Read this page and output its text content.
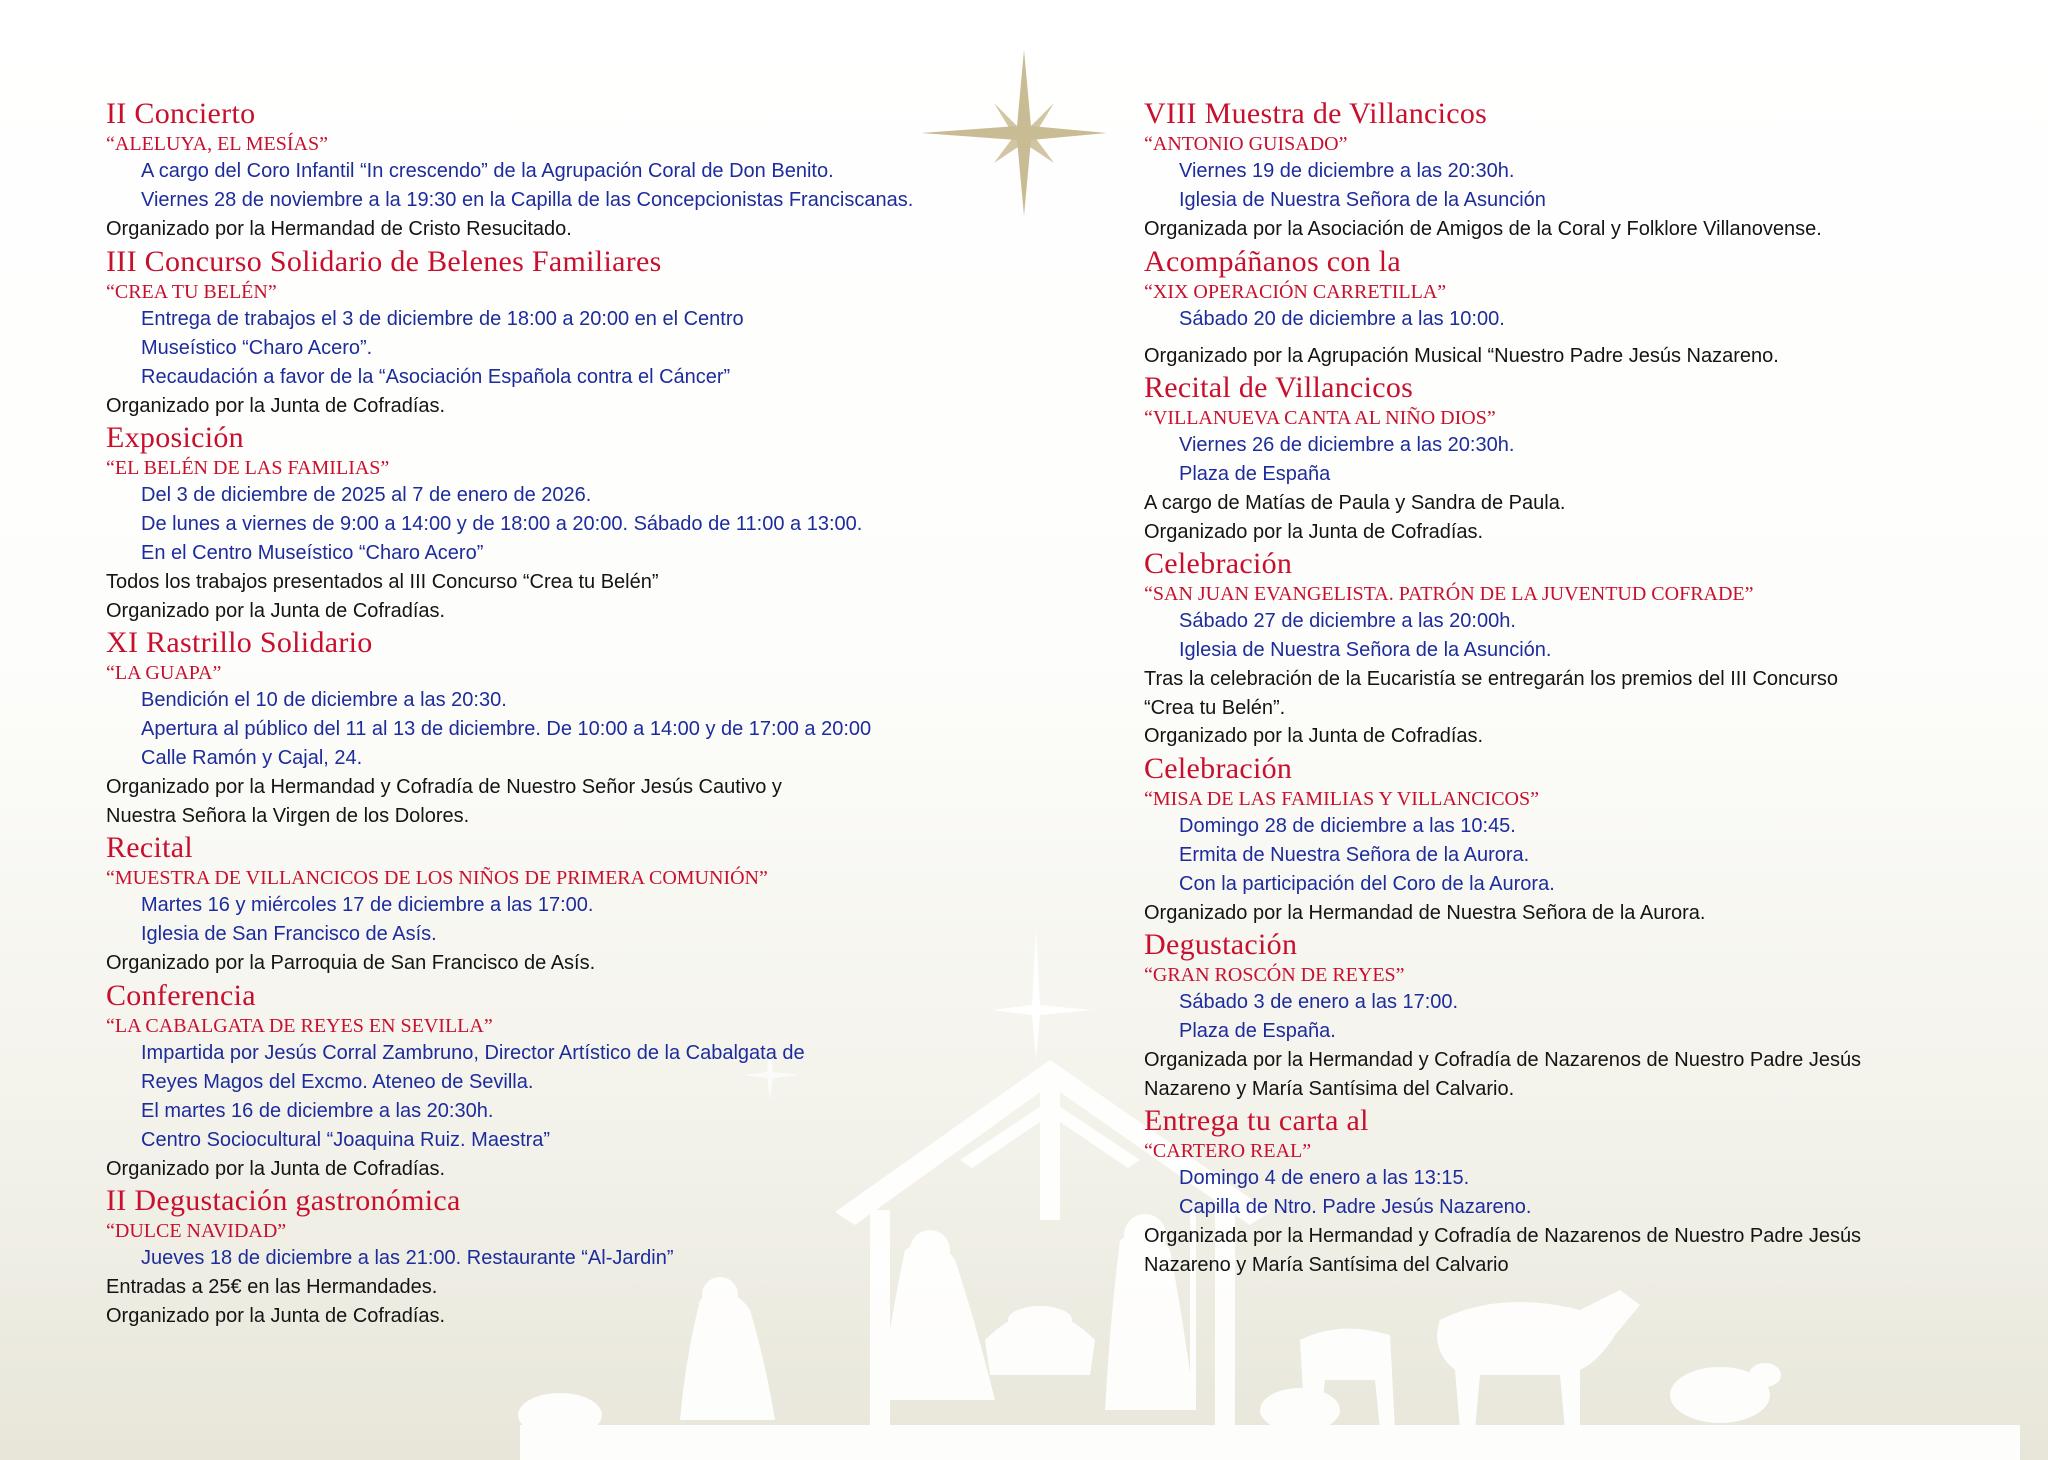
II Concierto
“ALELUYA, EL MESÍAS”
A cargo del Coro Infantil “In crescendo” de la Agrupación Coral de Don Benito.
Viernes 28 de noviembre a la 19:30 en la Capilla de las Concepcionistas Franciscanas.
Organizado por la Hermandad de Cristo Resucitado.
III Concurso Solidario de Belenes Familiares
“CREA TU BELÉN”
Entrega de trabajos el 3 de diciembre de 18:00 a 20:00 en el Centro
Museístico “Charo Acero”.
Recaudación a favor de la “Asociación Española contra el Cáncer”
Organizado por la Junta de Cofradías.
Exposición
“EL BELÉN DE LAS FAMILIAS”
Del 3 de diciembre de 2025 al 7 de enero de 2026.
De lunes a viernes de 9:00 a 14:00 y de 18:00 a 20:00. Sábado de 11:00 a 13:00.
En el Centro Museístico “Charo Acero”
Todos los trabajos presentados al III Concurso “Crea tu Belén”
Organizado por la Junta de Cofradías.
XI Rastrillo Solidario
“LA GUAPA”
Bendición el 10 de diciembre a las 20:30.
Apertura al público del 11 al 13 de diciembre. De 10:00 a 14:00 y de 17:00 a 20:00
Calle Ramón y Cajal, 24.
Organizado por la Hermandad y Cofradía de Nuestro Señor Jesús Cautivo y
Nuestra Señora la Virgen de los Dolores.
Recital
“MUESTRA DE VILLANCICOS DE LOS NIÑOS DE PRIMERA COMUNIÓN”
Martes 16 y miércoles 17 de diciembre a las 17:00.
Iglesia de San Francisco de Asís.
Organizado por la Parroquia de San Francisco de Asís.
Conferencia
“LA CABALGATA DE REYES EN SEVILLA”
Impartida por Jesús Corral Zambruno, Director Artístico de la Cabalgata de
Reyes Magos del Excmo. Ateneo de Sevilla.
El martes 16 de diciembre a las 20:30h.
Centro Sociocultural “Joaquina Ruiz. Maestra”
Organizado por la Junta de Cofradías.
II Degustación gastronómica
“DULCE NAVIDAD”
Jueves 18 de diciembre a las 21:00. Restaurante “Al-Jardin”
Entradas a 25€ en las Hermandades.
Organizado por la Junta de Cofradías.
VIII Muestra de Villancicos
“ANTONIO GUISADO”
Viernes 19 de diciembre a las 20:30h.
Iglesia de Nuestra Señora de la Asunción
Organizada por la Asociación de Amigos de la Coral y Folklore Villanovense.
Acompáñanos con la
“XIX OPERACIÓN CARRETILLA”
Sábado 20 de diciembre a las 10:00.
Organizado por la Agrupación Musical “Nuestro Padre Jesús Nazareno.
Recital de Villancicos
“VILLANUEVA CANTA AL NIÑO DIOS”
Viernes 26 de diciembre a las 20:30h.
Plaza de España
A cargo de Matías de Paula y Sandra de Paula.
Organizado por la Junta de Cofradías.
Celebración
“SAN JUAN EVANGELISTA. PATRÓN DE LA JUVENTUD COFRADE”
Sábado 27 de diciembre a las 20:00h.
Iglesia de Nuestra Señora de la Asunción.
Tras la celebración de la Eucaristía se entregarán los premios del III Concurso
“Crea tu Belén”.
Organizado por la Junta de Cofradías.
Celebración
“MISA DE LAS FAMILIAS Y VILLANCICOS”
Domingo 28 de diciembre a las 10:45.
Ermita de Nuestra Señora de la Aurora.
Con la participación del Coro de la Aurora.
Organizado por la Hermandad de Nuestra Señora de la Aurora.
Degustación
“GRAN ROSCÓN DE REYES”
Sábado 3 de enero a las 17:00.
Plaza de España.
Organizada por la Hermandad y Cofradía de Nazarenos de Nuestro Padre Jesús
Nazareno y María Santísima del Calvario.
Entrega tu carta al
“CARTERO REAL”
Domingo 4 de enero a las 13:15.
Capilla de Ntro. Padre Jesús Nazareno.
Organizada por la Hermandad y Cofradía de Nazarenos de Nuestro Padre Jesús
Nazareno y María Santísima del Calvario
